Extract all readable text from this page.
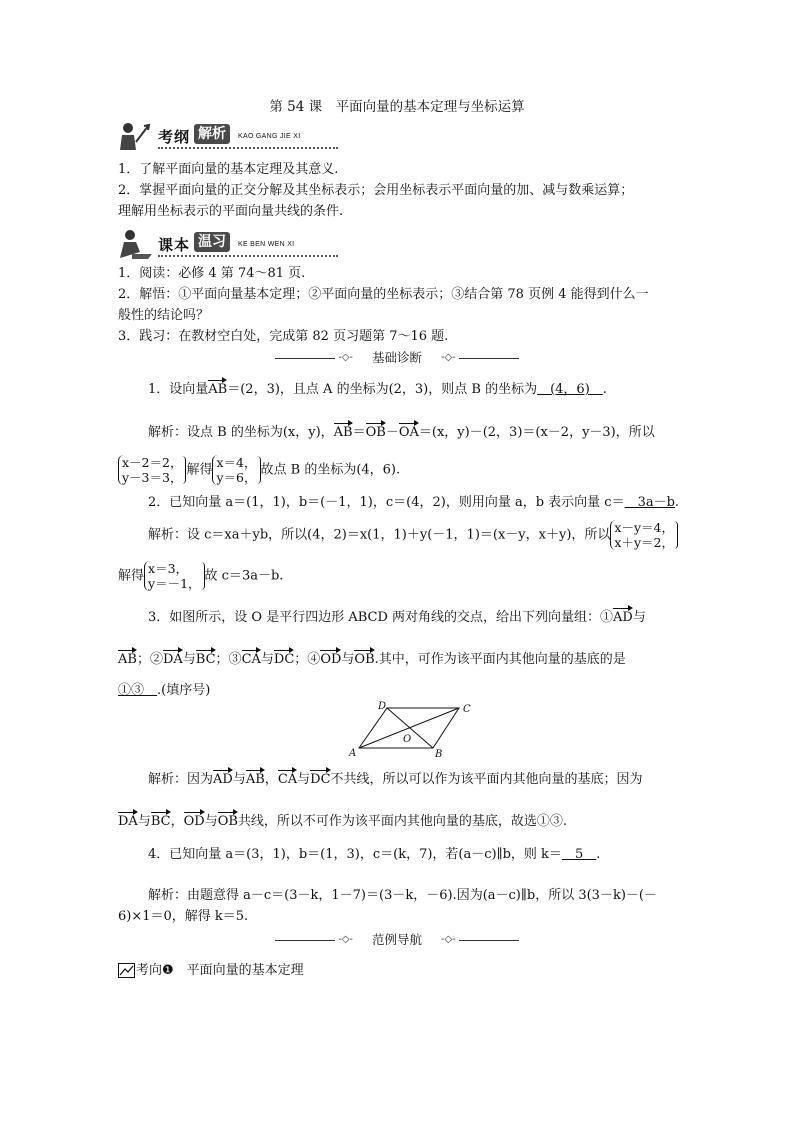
第 54 课　平面向量的基本定理与坐标运算
考纲 解析	KAO GANG JIE XI
1．了解平面向量的基本定理及其意义.
2．掌握平面向量的正交分解及其坐标表示；会用坐标表示平面向量的加、减与数乘运算；
理解用坐标表示的平面向量共线的条件.
课本 温习	KE BEN WEN XI
1．阅读：必修 4 第 74～81 页.
2．解悟：①平面向量基本定理；②平面向量的坐标表示；③结合第 78 页例 4 能得到什么一
般性的结论吗？
3．践习：在教材空白处，完成第 82 页习题第 7～16 题.
-◇- 基础诊断 -◇-
1．设向量AB＝(2，3)，且点 A 的坐标为(2，3)，则点 B 的坐标为　(4，6)　.
解析：设点 B 的坐标为(x，y)，AB＝OB－OA＝(x，y)－(2，3)＝(x－2，y－3)，所以
x－2＝2，
y－3＝3， 解得 x＝4，
y＝6， 故点 B 的坐标为(4，6).
2．已知向量 a＝(1，1)，b＝(－1，1)，c＝(4，2)，则用向量 a，b 表示向量 c＝　3a－b.
解析：设 c＝xa＋yb，所以(4，2)＝x(1，1)＋y(－1，1)＝(x－y，x＋y)，所以 x－y＝4，
x＋y＝2，
解得 x＝3，
y＝－1， 故 c＝3a－b.
3．如图所示，设 O 是平行四边形 ABCD 两对角线的交点，给出下列向量组：①AD与
AB；②DA与BC；③CA与DC；④OD与OB.其中，可作为该平面内其他向量的基底的是
①③　.(填序号)
A	B
C
D
O
解析：因为AD与AB，CA与DC不共线，所以可以作为该平面内其他向量的基底；因为
DA与BC，OD与OB共线，所以不可作为该平面内其他向量的基底，故选①③.
4．已知向量 a＝(3，1)，b＝(1，3)，c＝(k，7)，若(a－c)∥b，则 k＝　5　.
解析：由题意得 a－c＝(3－k，1－7)＝(3－k，－6).因为(a－c)∥b，所以 3(3－k)－(－
6)×1＝0，解得 k＝5.
-◇- 范例导航 -◇-
考向❶　 平面向量的基本定理
